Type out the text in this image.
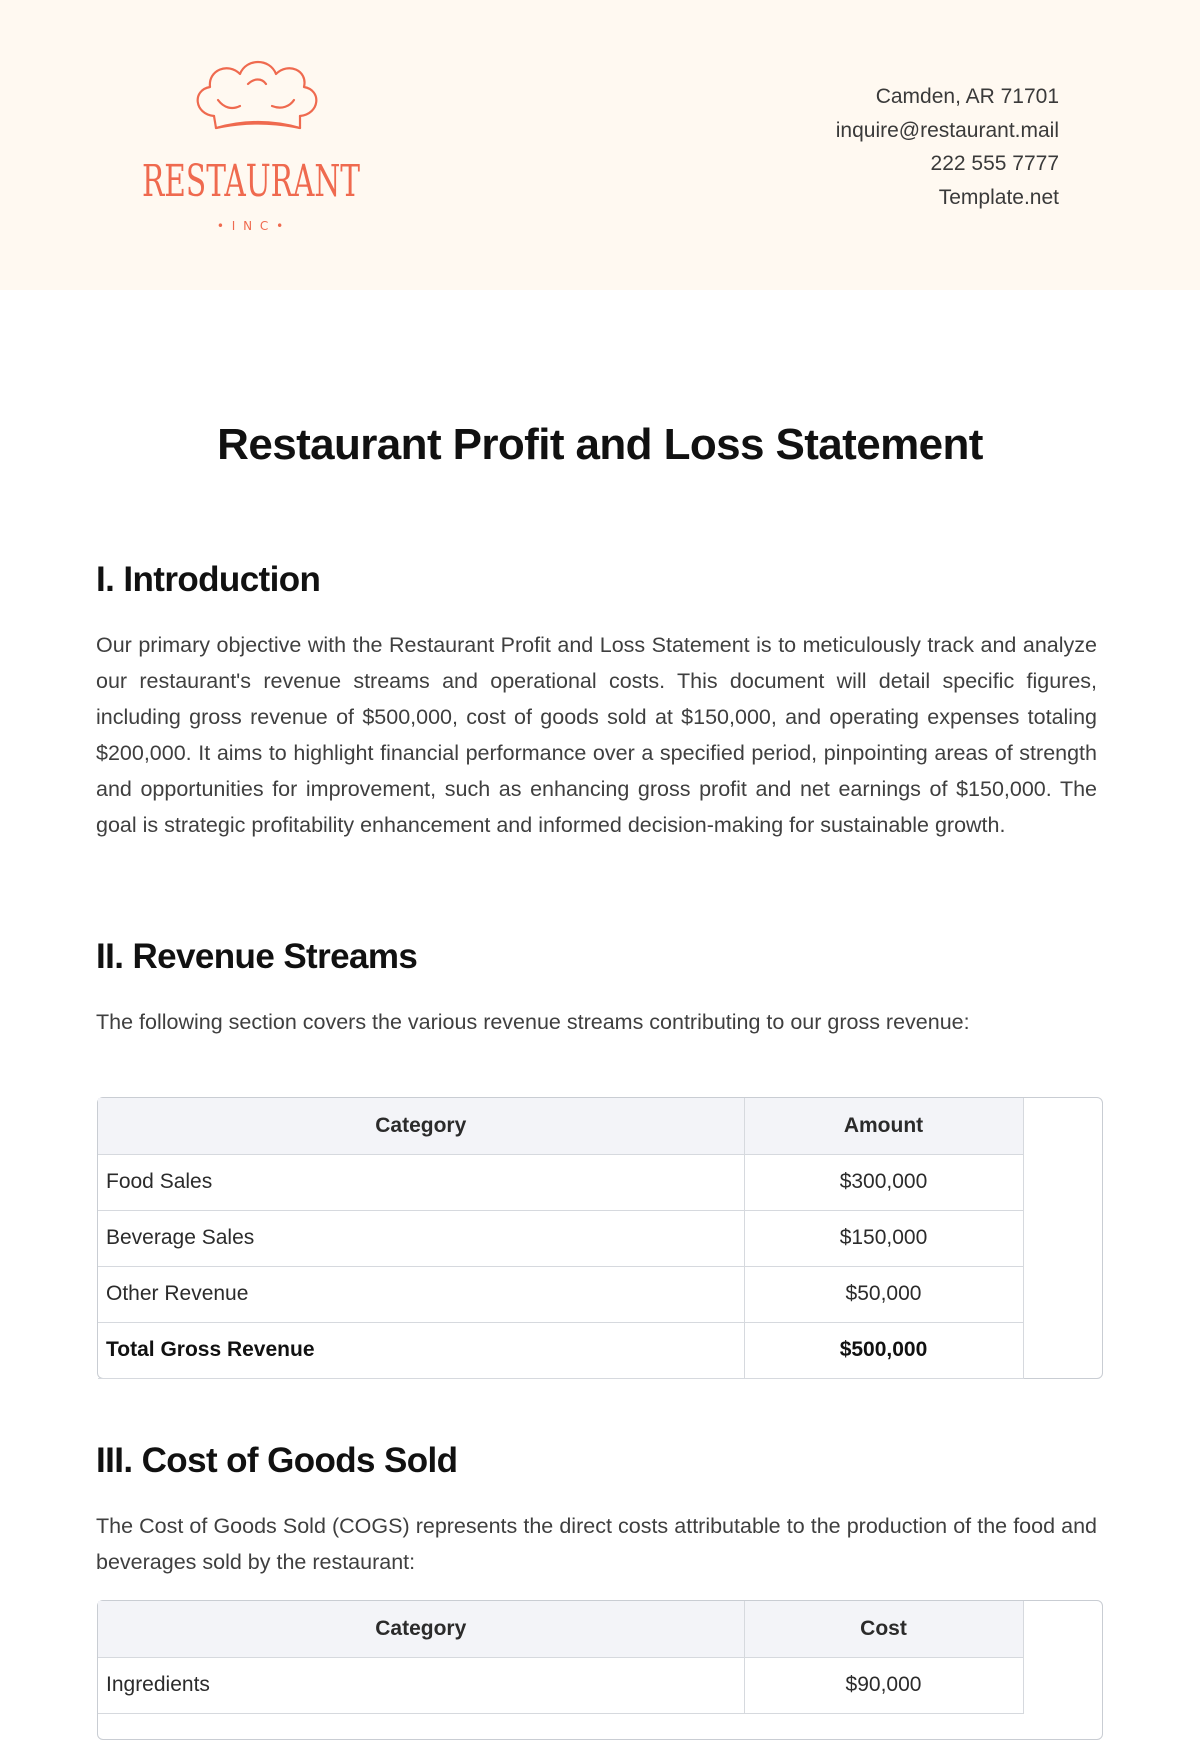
RESTAURANT
• I N C •
Camden, AR 71701
inquire@restaurant.mail
222 555 7777
Template.net
Restaurant Profit and Loss Statement
I. Introduction

Our primary objective with the Restaurant Profit and Loss Statement is to meticulously track and analyze our restaurant's revenue streams and operational costs. This document will detail specific figures, including gross revenue of $500,000, cost of goods sold at $150,000, and operating expenses totaling $200,000. It aims to highlight financial performance over a specified period, pinpointing areas of strength and opportunities for improvement, such as enhancing gross profit and net earnings of $150,000. The goal is strategic profitability enhancement and informed decision-making for sustainable growth.

II. Revenue Streams

The following section covers the various revenue streams contributing to our gross revenue:

Category	Amount
Food Sales	$300,000
Beverage Sales	$150,000
Other Revenue	$50,000
Total Gross Revenue	$500,000
III. Cost of Goods Sold

The Cost of Goods Sold (COGS) represents the direct costs attributable to the production of the food and beverages sold by the restaurant:

Category	Cost
Ingredients	$90,000
